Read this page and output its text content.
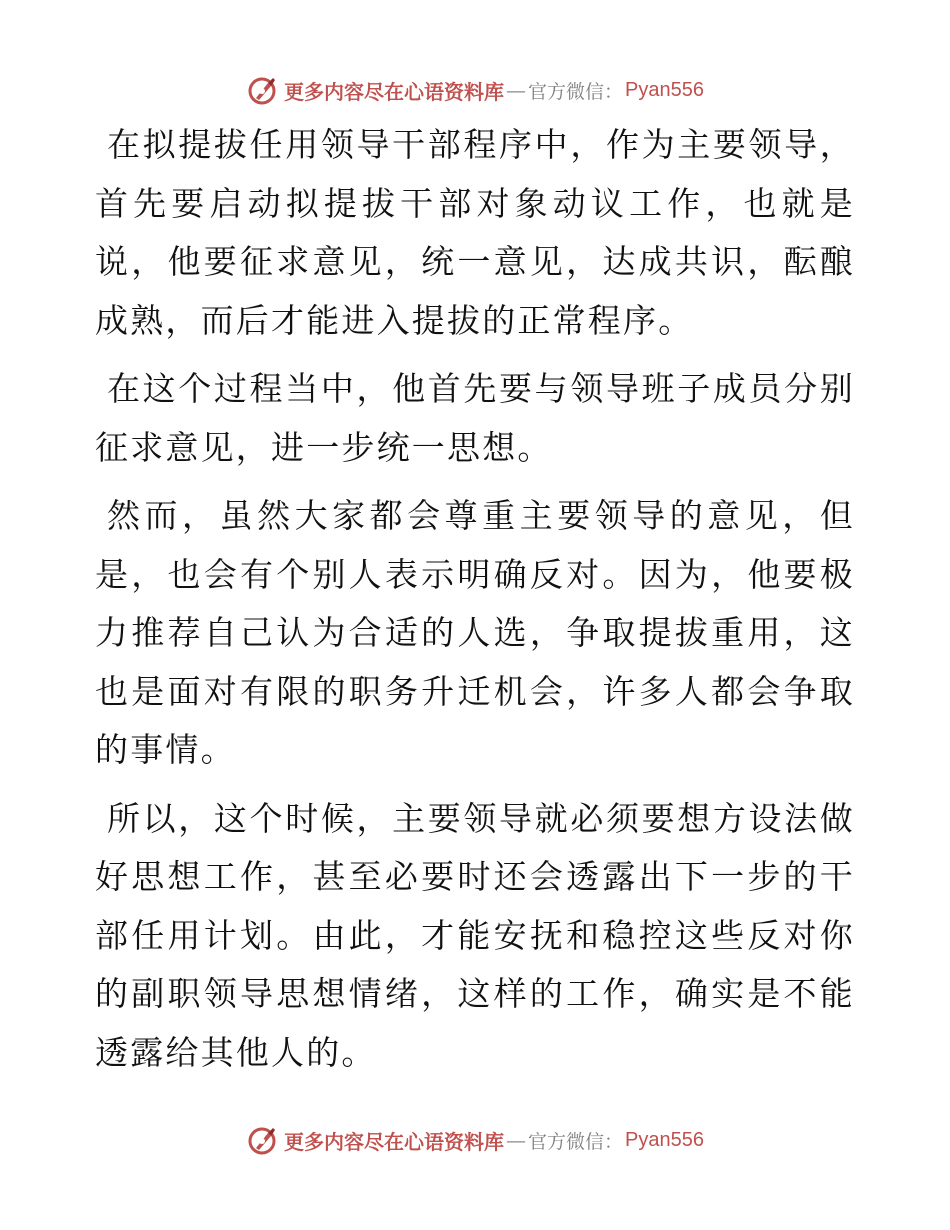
更多内容尽在心语资料库 — 官方微信： Pyan556

在拟提拔任用领导干部程序中，作为主要领导，首先要启动拟提拔干部对象动议工作，也就是说，他要征求意见，统一意见，达成共识，酝酿成熟，而后才能进入提拔的正常程序。

在这个过程当中，他首先要与领导班子成员分别征求意见，进一步统一思想。

然而，虽然大家都会尊重主要领导的意见，但是，也会有个别人表示明确反对。因为，他要极力推荐自己认为合适的人选，争取提拔重用，这也是面对有限的职务升迁机会，许多人都会争取的事情。

所以，这个时候，主要领导就必须要想方设法做好思想工作，甚至必要时还会透露出下一步的干部任用计划。由此，才能安抚和稳控这些反对你的副职领导思想情绪，这样的工作，确实是不能透露给其他人的。

更多内容尽在心语资料库 — 官方微信： Pyan556
